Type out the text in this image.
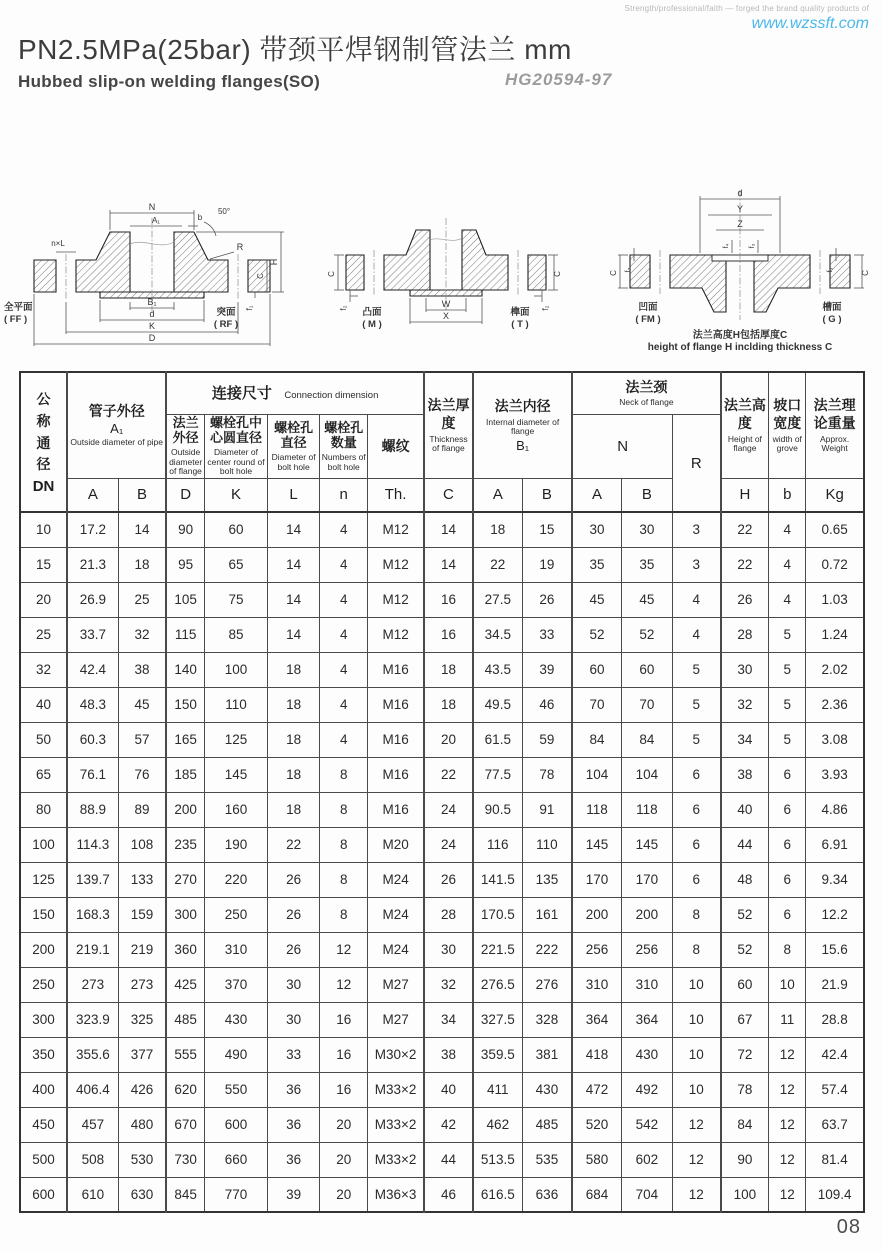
Strength/professional/faith — forged the brand quality products of
www.wzssft.com
PN2.5MPa(25bar) 带颈平焊钢制管法兰 mm
Hubbed slip-on welding flanges(SO)	HG20594-97
N
A₁	b
50°
R
n×L
B₁
d
K
D
H
C
f₁
全平面
( FF )
突面
( RF )
C
f₂
C
f₂
W
X
凸面
( M )
榫面
( T )
d
Y
Z
f₄	f₃
C
f₂	f₃
C
凹面
( FM )
槽面
( G )
法兰高度H包括厚度C
height of flange H inclding thickness C
公称通径
DN

管子外径
A₁
Outside diameter of pipe
	连接尺寸 Connection dimension	
法兰厚度
Thickness of flange

法兰内径
Internal diameter of flange
B₁

法兰颈
Neck of flange	法兰高度
Height of flange

坡口宽度
width of grove

法兰理论重量
Approx. Weight

法兰外径
Outside diameter of flange

螺栓孔中心圆直径
Diameter of center round of bolt hole

螺栓孔直径
Diameter of bolt hole

螺栓孔数量
Numbers of bolt hole

螺纹	N

R

	A	B	D	K	L	n	Th.	C	A	B	A	B		H	b	Kg
10	17.2	14	90	60	14	4	M12	14	18	15	30	30	3	22	4	0.65
15	21.3	18	95	65	14	4	M12	14	22	19	35	35	3	22	4	0.72
20	26.9	25	105	75	14	4	M12	16	27.5	26	45	45	4	26	4	1.03
25	33.7	32	115	85	14	4	M12	16	34.5	33	52	52	4	28	5	1.24
32	42.4	38	140	100	18	4	M16	18	43.5	39	60	60	5	30	5	2.02
40	48.3	45	150	110	18	4	M16	18	49.5	46	70	70	5	32	5	2.36
50	60.3	57	165	125	18	4	M16	20	61.5	59	84	84	5	34	5	3.08
65	76.1	76	185	145	18	8	M16	22	77.5	78	104	104	6	38	6	3.93
80	88.9	89	200	160	18	8	M16	24	90.5	91	118	118	6	40	6	4.86
100	114.3	108	235	190	22	8	M20	24	116	110	145	145	6	44	6	6.91
125	139.7	133	270	220	26	8	M24	26	141.5	135	170	170	6	48	6	9.34
150	168.3	159	300	250	26	8	M24	28	170.5	161	200	200	8	52	6	12.2
200	219.1	219	360	310	26	12	M24	30	221.5	222	256	256	8	52	8	15.6
250	273	273	425	370	30	12	M27	32	276.5	276	310	310	10	60	10	21.9
300	323.9	325	485	430	30	16	M27	34	327.5	328	364	364	10	67	11	28.8
350	355.6	377	555	490	33	16	M30×2	38	359.5	381	418	430	10	72	12	42.4
400	406.4	426	620	550	36	16	M33×2	40	411	430	472	492	10	78	12	57.4
450	457	480	670	600	36	20	M33×2	42	462	485	520	542	12	84	12	63.7
500	508	530	730	660	36	20	M33×2	44	513.5	535	580	602	12	90	12	81.4
600	610	630	845	770	39	20	M36×3	46	616.5	636	684	704	12	100	12	109.4
08
